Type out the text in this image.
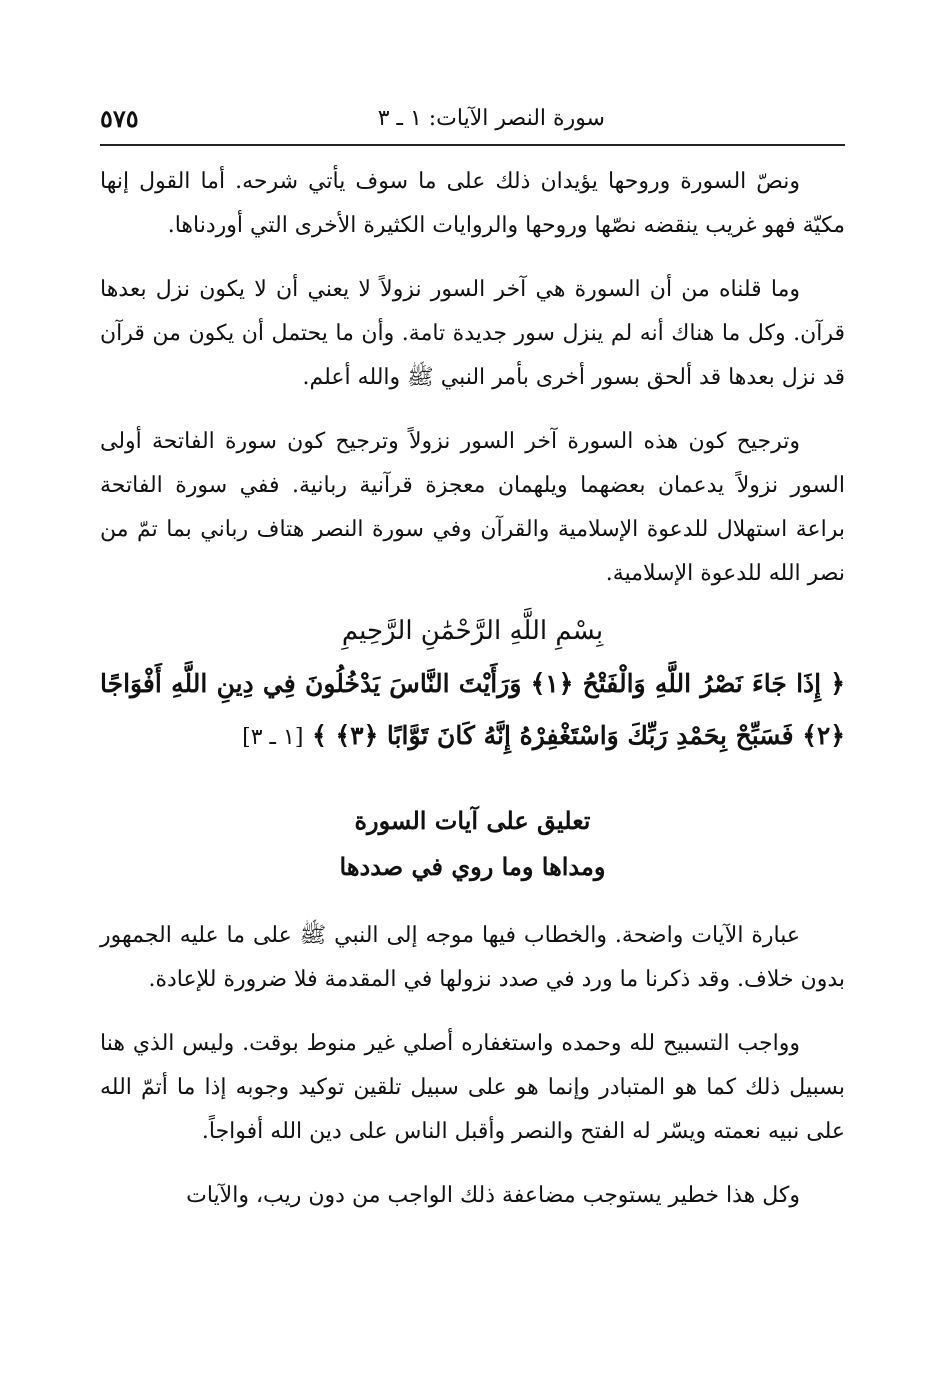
سورة النصر الآيات: ١ ـ ٣
٥٧٥

ونصّ السورة وروحها يؤيدان ذلك على ما سوف يأتي شرحه. أما القول إنها مكيّة فهو غريب ينقضه نصّها وروحها والروايات الكثيرة الأخرى التي أوردناها.

وما قلناه من أن السورة هي آخر السور نزولاً لا يعني أن لا يكون نزل بعدها قرآن. وكل ما هناك أنه لم ينزل سور جديدة تامة. وأن ما يحتمل أن يكون من قرآن قد نزل بعدها قد ألحق بسور أخرى بأمر النبي ﷺ والله أعلم.

وترجيح كون هذه السورة آخر السور نزولاً وترجيح كون سورة الفاتحة أولى السور نزولاً يدعمان بعضهما ويلهمان معجزة قرآنية ربانية. ففي سورة الفاتحة براعة استهلال للدعوة الإسلامية والقرآن وفي سورة النصر هتاف رباني بما تمّ من نصر الله للدعوة الإسلامية.

بِسْمِ اللَّهِ الرَّحْمَٰنِ الرَّحِيمِ
﴿ إِذَا جَاءَ نَصْرُ اللَّهِ وَالْفَتْحُ ﴿١﴾ وَرَأَيْتَ النَّاسَ يَدْخُلُونَ فِي دِينِ اللَّهِ أَفْوَاجًا ﴿٢﴾ فَسَبِّحْ بِحَمْدِ رَبِّكَ وَاسْتَغْفِرْهُ إِنَّهُ كَانَ تَوَّابًا ﴿٣﴾ ﴾ [١ ـ ٣]
تعليق على آيات السورة
ومداها وما روي في صددها

عبارة الآيات واضحة. والخطاب فيها موجه إلى النبي ﷺ على ما عليه الجمهور بدون خلاف. وقد ذكرنا ما ورد في صدد نزولها في المقدمة فلا ضرورة للإعادة.

وواجب التسبيح لله وحمده واستغفاره أصلي غير منوط بوقت. وليس الذي هنا بسبيل ذلك كما هو المتبادر وإنما هو على سبيل تلقين توكيد وجوبه إذا ما أتمّ الله على نبيه نعمته ويسّر له الفتح والنصر وأقبل الناس على دين الله أفواجاً.

وكل هذا خطير يستوجب مضاعفة ذلك الواجب من دون ريب، والآيات
